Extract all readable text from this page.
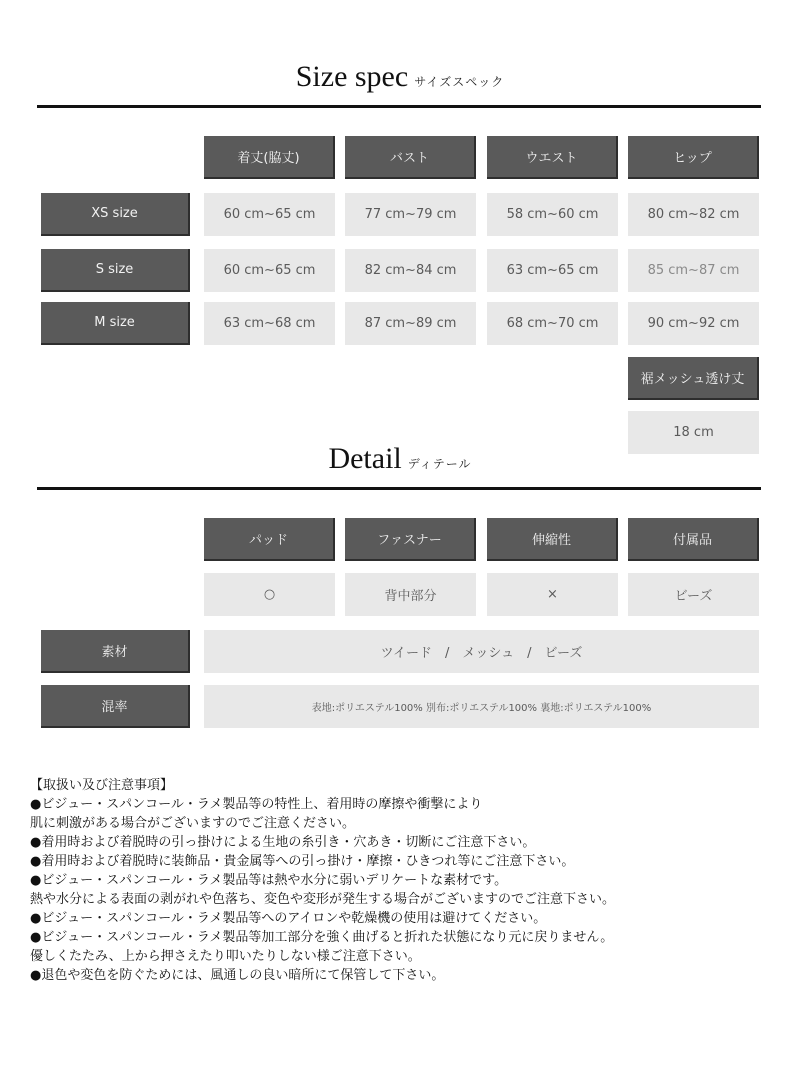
Size spec サイズスペック
着丈(脇丈)	バスト	ウエスト	ヒップ
XS size	60 cm~65 cm	77 cm~79 cm	58 cm~60 cm	80 cm~82 cm
S size	60 cm~65 cm	82 cm~84 cm	63 cm~65 cm	85 cm~87 cm
M size	63 cm~68 cm	87 cm~89 cm	68 cm~70 cm	90 cm~92 cm
裾メッシュ透け丈
18 cm
Detail ディテール
パッド	ファスナー	伸縮性	付属品
○	背中部分	×	ビーズ
素材	ツイード　/　メッシュ　/　ビーズ
混率	表地:ポリエステル100% 別布:ポリエステル100% 裏地:ポリエステル100%
【取扱い及び注意事項】
●ビジュー・スパンコール・ラメ製品等の特性上、着用時の摩擦や衝撃により
肌に刺激がある場合がございますのでご注意ください。
●着用時および着脱時の引っ掛けによる生地の糸引き・穴あき・切断にご注意下さい。
●着用時および着脱時に装飾品・貴金属等への引っ掛け・摩擦・ひきつれ等にご注意下さい。
●ビジュー・スパンコール・ラメ製品等は熱や水分に弱いデリケートな素材です。
熱や水分による表面の剥がれや色落ち、変色や変形が発生する場合がございますのでご注意下さい。
●ビジュー・スパンコール・ラメ製品等へのアイロンや乾燥機の使用は避けてください。
●ビジュー・スパンコール・ラメ製品等加工部分を強く曲げると折れた状態になり元に戻りません。
優しくたたみ、上から押さえたり叩いたりしない様ご注意下さい。
●退色や変色を防ぐためには、風通しの良い暗所にて保管して下さい。
